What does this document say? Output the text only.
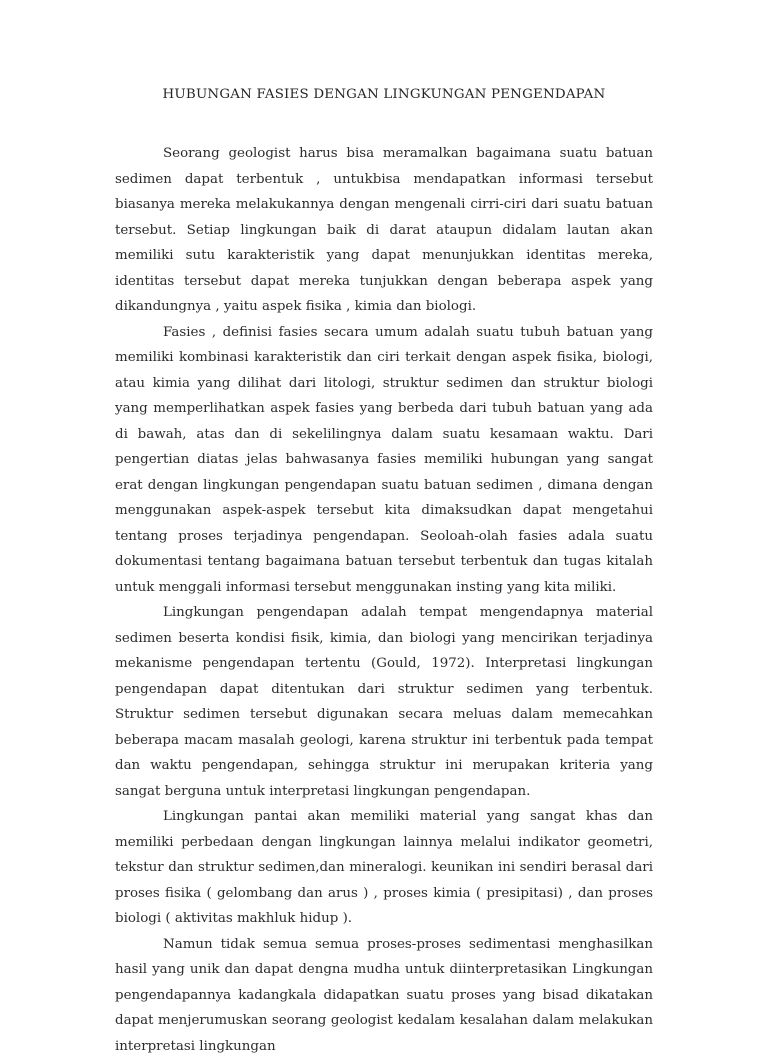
HUBUNGAN FASIES DENGAN LINGKUNGAN PENGENDAPAN

Seorang geologist harus bisa meramalkan bagaimana suatu batuan sedimen dapat terbentuk , untukbisa mendapatkan informasi tersebut biasanya mereka melakukannya dengan mengenali cirri-ciri dari suatu batuan tersebut. Setiap lingkungan baik di darat ataupun didalam lautan akan memiliki sutu karakteristik yang dapat menunjukkan identitas mereka, identitas tersebut dapat mereka tunjukkan dengan beberapa aspek yang dikandungnya , yaitu aspek fisika , kimia dan biologi.

Fasies , definisi fasies secara umum adalah suatu tubuh batuan yang memiliki kombinasi karakteristik dan ciri terkait dengan aspek fisika, biologi, atau kimia yang dilihat dari litologi, struktur sedimen dan struktur biologi yang memperlihatkan aspek fasies yang berbeda dari tubuh batuan yang ada di bawah, atas dan di sekelilingnya dalam suatu kesamaan waktu. Dari pengertian diatas jelas bahwasanya fasies memiliki hubungan yang sangat erat dengan lingkungan pengendapan suatu batuan sedimen , dimana dengan menggunakan aspek-aspek tersebut kita dimaksudkan dapat mengetahui tentang proses terjadinya pengendapan. Seoloah-olah fasies adala suatu dokumentasi tentang bagaimana batuan tersebut terbentuk dan tugas kitalah untuk menggali informasi tersebut menggunakan insting yang kita miliki.

Lingkungan pengendapan adalah tempat mengendapnya material sedimen beserta kondisi fisik, kimia, dan biologi yang mencirikan terjadinya mekanisme pengendapan tertentu (Gould, 1972). Interpretasi lingkungan pengendapan dapat ditentukan dari struktur sedimen yang terbentuk. Struktur sedimen tersebut digunakan secara meluas dalam memecahkan beberapa macam masalah geologi, karena struktur ini terbentuk pada tempat dan waktu pengendapan, sehingga struktur ini merupakan kriteria yang sangat berguna untuk interpretasi lingkungan pengendapan.

Lingkungan pantai akan memiliki material yang sangat khas dan memiliki perbedaan dengan lingkungan lainnya melalui indikator geometri, tekstur dan struktur sedimen,dan mineralogi. keunikan ini sendiri berasal dari proses fisika ( gelombang dan arus ) , proses kimia ( presipitasi) , dan proses biologi ( aktivitas makhluk hidup ).

Namun tidak semua semua proses-proses sedimentasi menghasilkan hasil yang unik dan dapat dengna mudha untuk diinterpretasikan Lingkungan pengendapannya kadangkala didapatkan suatu proses yang bisad dikatakan dapat menjerumuskan seorang geologist kedalam kesalahan dalam melakukan interpretasi lingkungan
